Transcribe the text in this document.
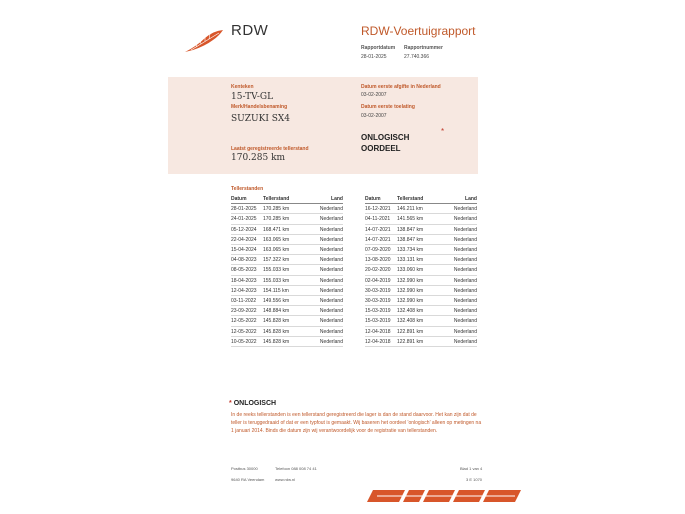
RDW	RDW-Voertuigrapport
Rapportdatum
28-01-2025
Rapportnummer
27.740.366
Kenteken
15-TV-GL
Merk/Handelsbenaming
SUZUKI SX4
Laatst geregistreerde tellerstand
170.285 km
Datum eerste afgifte in Nederland
03-02-2007
Datum eerste toelating
03-02-2007
ONLOGISCH
OORDEEL
*
Tellerstanden
Datum	Tellerstand	Land
28-01-2025 170.285 km	Nederland
24-01-2025 170.285 km	Nederland
05-12-2024 168.471 km	Nederland
22-04-2024 163.065 km	Nederland
15-04-2024 163.065 km	Nederland
04-08-2023 157.322 km	Nederland
08-05-2023 155.033 km	Nederland
18-04-2023 155.033 km	Nederland
12-04-2023 154.115 km	Nederland
03-11-2022 149.556 km	Nederland
23-09-2022 148.884 km	Nederland
12-05-2022 145.828 km	Nederland
12-05-2022 145.828 km	Nederland
10-05-2022 145.828 km	Nederland
Datum	Tellerstand	Land
16-12-2021 146.211 km	Nederland
04-11-2021 141.565 km	Nederland
14-07-2021 138.847 km	Nederland
14-07-2021 138.847 km	Nederland
07-09-2020 133.734 km	Nederland
13-08-2020 133.131 km	Nederland
20-02-2020 133.060 km	Nederland
02-04-2019 132.990 km	Nederland
30-03-2019 132.990 km	Nederland
30-03-2019 132.990 km	Nederland
15-03-2019 132.408 km	Nederland
15-03-2019 132.408 km	Nederland
12-04-2018 122.891 km	Nederland
12-04-2018 122.891 km	Nederland
* ONLOGISCH
In de reeks tellerstanden is een tellerstand geregistreerd die lager is dan de stand daarvoor. Het kan zijn dat de teller is teruggedraaid of dat er een typfout is gemaakt. Wij baseren het oordeel 'onlogisch' alleen op metingen na 1 januari 2014. Binds die datum zijn wij verantwoordelijk voor de registratie van tellerstanden.
Postbus 30000
9640 RA Veendam
Telefoon 088 008 74 41
www.rdw.nl
Blad 1 van 4
3 E 1070
